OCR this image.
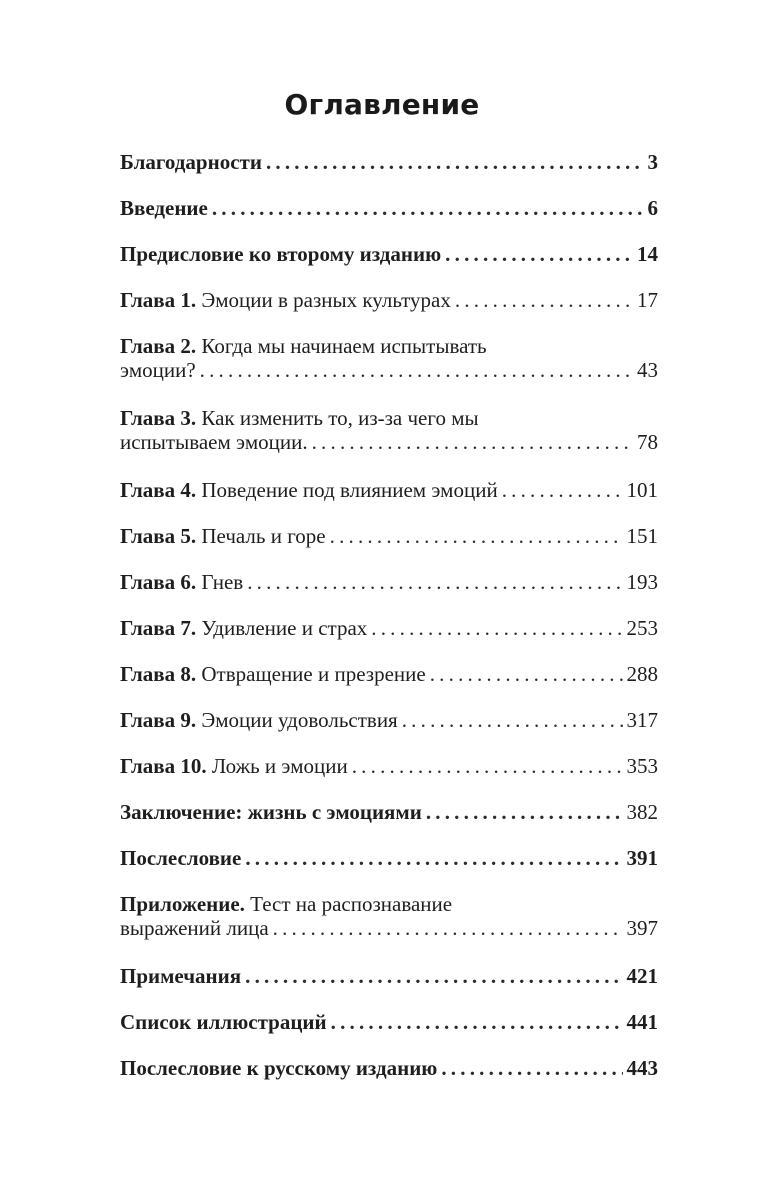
Оглавление
Благодарности .....	3
Введение .....	6
Предисловие ко второму изданию .....	14
Глава 1. Эмоции в разных культурах .....	17
Глава 2. Когда мы начинаем испытывать
эмоции? .....	43
Глава 3. Как изменить то, из-за чего мы
испытываем эмоции. .....	78
Глава 4. Поведение под влиянием эмоций .....	101
Глава 5. Печаль и горе .....	151
Глава 6. Гнев .....	193
Глава 7. Удивление и страх .....	253
Глава 8. Отвращение и презрение .....	288
Глава 9. Эмоции удовольствия .....	317
Глава 10. Ложь и эмоции .....	353
Заключение: жизнь с эмоциями .....	382
Послесловие .....	391
Приложение. Тест на распознавание
выражений лица .....	397
Примечания .....	421
Список иллюстраций .....	441
Послесловие к русскому изданию .....	443
